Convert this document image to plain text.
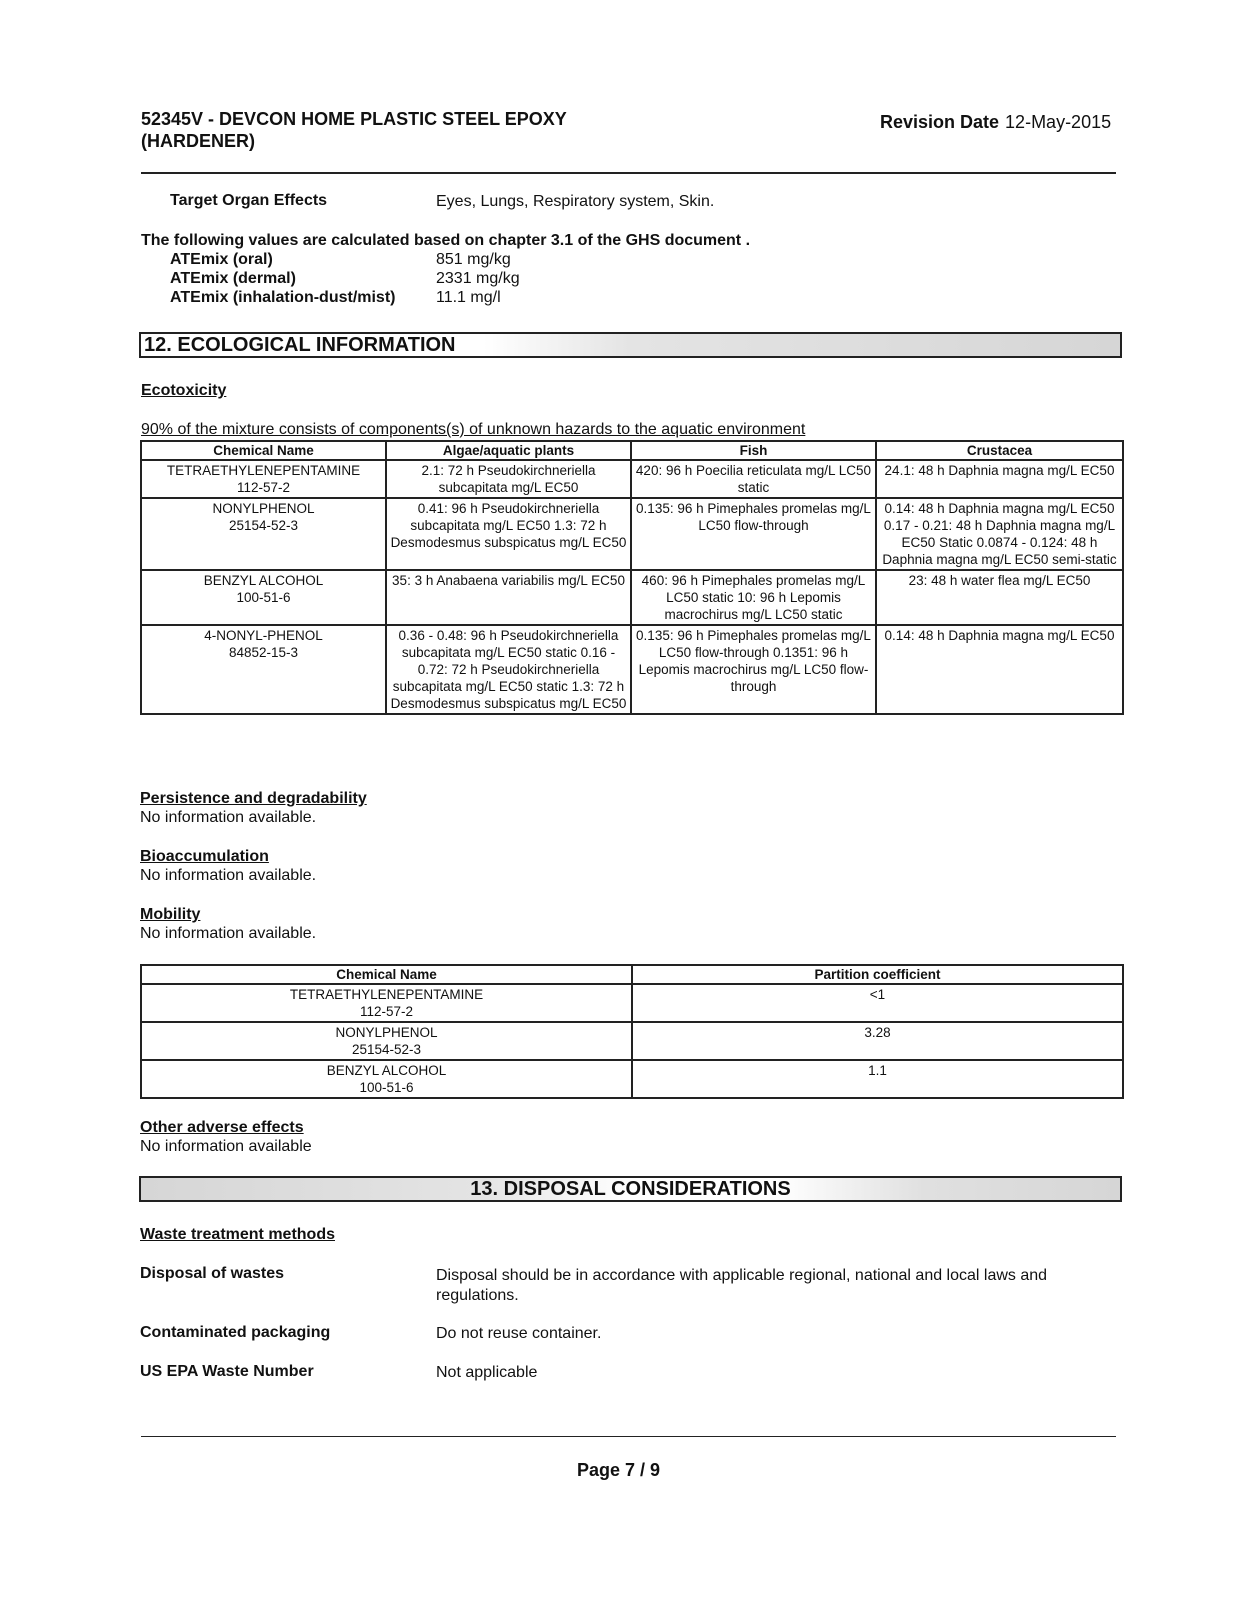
52345V - DEVCON HOME PLASTIC STEEL EPOXY
(HARDENER)
Revision Date 12-May-2015
Target Organ Effects	Eyes, Lungs, Respiratory system, Skin.
The following values are calculated based on chapter 3.1 of the GHS document .
ATEmix (oral)	851 mg/kg
ATEmix (dermal)	2331 mg/kg
ATEmix (inhalation-dust/mist)	11.1 mg/l
12. ECOLOGICAL INFORMATION
Ecotoxicity
90% of the mixture consists of components(s) of unknown hazards to the aquatic environment
Chemical Name	Algae/aquatic plants	Fish	Crustacea

TETRAETHYLENEPENTAMINE
112-57-2	2.1: 72 h Pseudokirchneriella subcapitata mg/L EC50	420: 96 h Poecilia reticulata mg/L LC50 static	24.1: 48 h Daphnia magna mg/L EC50

NONYLPHENOL
25154-52-3	0.41: 96 h Pseudokirchneriella subcapitata mg/L EC50 1.3: 72 h Desmodesmus subspicatus mg/L EC50	0.135: 96 h Pimephales promelas mg/L LC50 flow-through	0.14: 48 h Daphnia magna mg/L EC50 0.17 - 0.21: 48 h Daphnia magna mg/L EC50 Static 0.0874 - 0.124: 48 h Daphnia magna mg/L EC50 semi-static

BENZYL ALCOHOL
100-51-6	35: 3 h Anabaena variabilis mg/L EC50	460: 96 h Pimephales promelas mg/L LC50 static 10: 96 h Lepomis macrochirus mg/L LC50 static	23: 48 h water flea mg/L EC50

4-NONYL-PHENOL
84852-15-3	0.36 - 0.48: 96 h Pseudokirchneriella subcapitata mg/L EC50 static 0.16 - 0.72: 72 h Pseudokirchneriella subcapitata mg/L EC50 static 1.3: 72 h Desmodesmus subspicatus mg/L EC50	0.135: 96 h Pimephales promelas mg/L LC50 flow-through 0.1351: 96 h Lepomis macrochirus mg/L LC50 flow-through	0.14: 48 h Daphnia magna mg/L EC50
Persistence and degradability
No information available.
Bioaccumulation
No information available.
Mobility
No information available.
Chemical Name	Partition coefficient

TETRAETHYLENEPENTAMINE
112-57-2	<1

NONYLPHENOL
25154-52-3	3.28

BENZYL ALCOHOL
100-51-6	1.1
Other adverse effects
No information available
13. DISPOSAL CONSIDERATIONS
Waste treatment methods
Disposal of wastes	Disposal should be in accordance with applicable regional, national and local laws and regulations.
Contaminated packaging	Do not reuse container.
US EPA Waste Number	Not applicable
Page 7 / 9
